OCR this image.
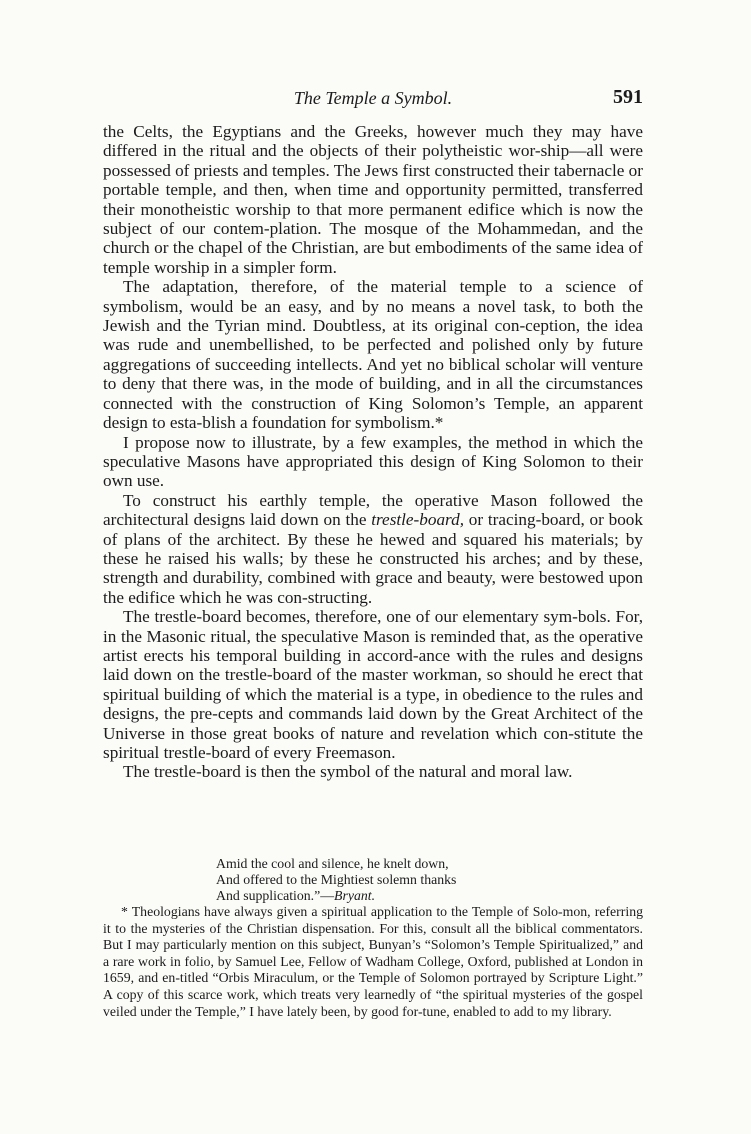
The Temple a Symbol.	591

the Celts, the Egyptians and the Greeks, however much they may have differed in the ritual and the objects of their polytheistic wor-ship—all were possessed of priests and temples. The Jews first constructed their tabernacle or portable temple, and then, when time and opportunity permitted, transferred their monotheistic worship to that more permanent edifice which is now the subject of our contem-plation. The mosque of the Mohammedan, and the church or the chapel of the Christian, are but embodiments of the same idea of temple worship in a simpler form.

The adaptation, therefore, of the material temple to a science of symbolism, would be an easy, and by no means a novel task, to both the Jewish and the Tyrian mind. Doubtless, at its original con-ception, the idea was rude and unembellished, to be perfected and polished only by future aggregations of succeeding intellects. And yet no biblical scholar will venture to deny that there was, in the mode of building, and in all the circumstances connected with the construction of King Solomon’s Temple, an apparent design to esta-blish a foundation for symbolism.*

I propose now to illustrate, by a few examples, the method in which the speculative Masons have appropriated this design of King Solomon to their own use.

To construct his earthly temple, the operative Mason followed the architectural designs laid down on the trestle-board, or tracing-board, or book of plans of the architect. By these he hewed and squared his materials; by these he raised his walls; by these he constructed his arches; and by these, strength and durability, combined with grace and beauty, were bestowed upon the edifice which he was con-structing.

The trestle-board becomes, therefore, one of our elementary sym-bols. For, in the Masonic ritual, the speculative Mason is reminded that, as the operative artist erects his temporal building in accord-ance with the rules and designs laid down on the trestle-board of the master workman, so should he erect that spiritual building of which the material is a type, in obedience to the rules and designs, the pre-cepts and commands laid down by the Great Architect of the Universe in those great books of nature and revelation which con-stitute the spiritual trestle-board of every Freemason.

The trestle-board is then the symbol of the natural and moral law.

Amid the cool and silence, he knelt down,
And offered to the Mightiest solemn thanks
And supplication.”—Bryant.

* Theologians have always given a spiritual application to the Temple of Solo-mon, referring it to the mysteries of the Christian dispensation. For this, consult all the biblical commentators. But I may particularly mention on this subject, Bunyan’s “Solomon’s Temple Spiritualized,” and a rare work in folio, by Samuel Lee, Fellow of Wadham College, Oxford, published at London in 1659, and en-titled “Orbis Miraculum, or the Temple of Solomon portrayed by Scripture Light.” A copy of this scarce work, which treats very learnedly of “the spiritual mysteries of the gospel veiled under the Temple,” I have lately been, by good for-tune, enabled to add to my library.
